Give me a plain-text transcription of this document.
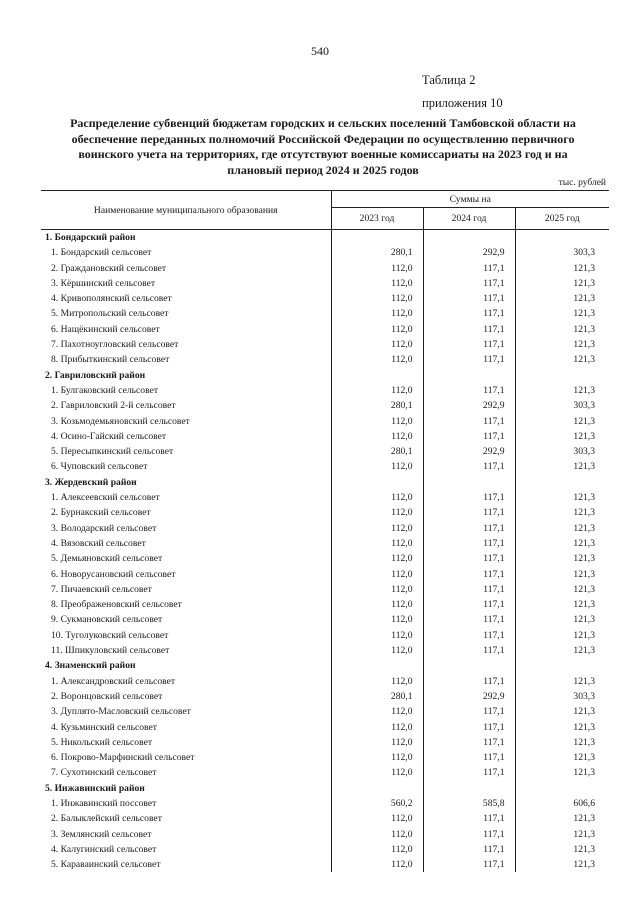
540
Таблица 2
приложения 10
Распределение субвенций бюджетам городских и сельских поселений Тамбовской области на
обеспечение переданных полномочий Российской Федерации по осуществлению первичного
воинского учета на территориях, где отсутствуют военные комиссариаты на 2023 год и на
плановый период 2024 и 2025 годов
тыс. рублей
Наименование муниципального образования	Суммы на		
	2023 год	2024 год	2025 год
1. Бондарский район			
1. Бондарский сельсовет	280,1	292,9	303,3
2. Граждановский сельсовет	112,0	117,1	121,3
3. Кёршинский сельсовет	112,0	117,1	121,3
4. Кривополянский сельсовет	112,0	117,1	121,3
5. Митропольский сельсовет	112,0	117,1	121,3
6. Нащёкинский сельсовет	112,0	117,1	121,3
7. Пахотноугловский сельсовет	112,0	117,1	121,3
8. Прибыткинский сельсовет	112,0	117,1	121,3
2. Гавриловский район			
1. Булгаковский сельсовет	112,0	117,1	121,3
2. Гавриловский 2-й сельсовет	280,1	292,9	303,3
3. Козьмодемьяновский сельсовет	112,0	117,1	121,3
4. Осино-Гайский сельсовет	112,0	117,1	121,3
5. Пересыпкинский сельсовет	280,1	292,9	303,3
6. Чуповский сельсовет	112,0	117,1	121,3
3. Жердевский район			
1. Алексеевский сельсовет	112,0	117,1	121,3
2. Бурнакский сельсовет	112,0	117,1	121,3
3. Володарский сельсовет	112,0	117,1	121,3
4. Вязовский сельсовет	112,0	117,1	121,3
5. Демьяновский сельсовет	112,0	117,1	121,3
6. Новорусановский сельсовет	112,0	117,1	121,3
7. Пичаевский сельсовет	112,0	117,1	121,3
8. Преображеновский сельсовет	112,0	117,1	121,3
9. Сукмановский сельсовет	112,0	117,1	121,3
10. Туголуковский сельсовет	112,0	117,1	121,3
11. Шпикуловский сельсовет	112,0	117,1	121,3
4. Знаменский район			
1. Александровский сельсовет	112,0	117,1	121,3
2. Воронцовский сельсовет	280,1	292,9	303,3
3. Дуплято-Масловский сельсовет	112,0	117,1	121,3
4. Кузьминский сельсовет	112,0	117,1	121,3
5. Никольский сельсовет	112,0	117,1	121,3
6. Покрово-Марфинский сельсовет	112,0	117,1	121,3
7. Сухотинский сельсовет	112,0	117,1	121,3
5. Инжавинский район			
1. Инжавинский поссовет	560,2	585,8	606,6
2. Балыклейский сельсовет	112,0	117,1	121,3
3. Землянский сельсовет	112,0	117,1	121,3
4. Калугинский сельсовет	112,0	117,1	121,3
5. Караваинский сельсовет	112,0	117,1	121,3
